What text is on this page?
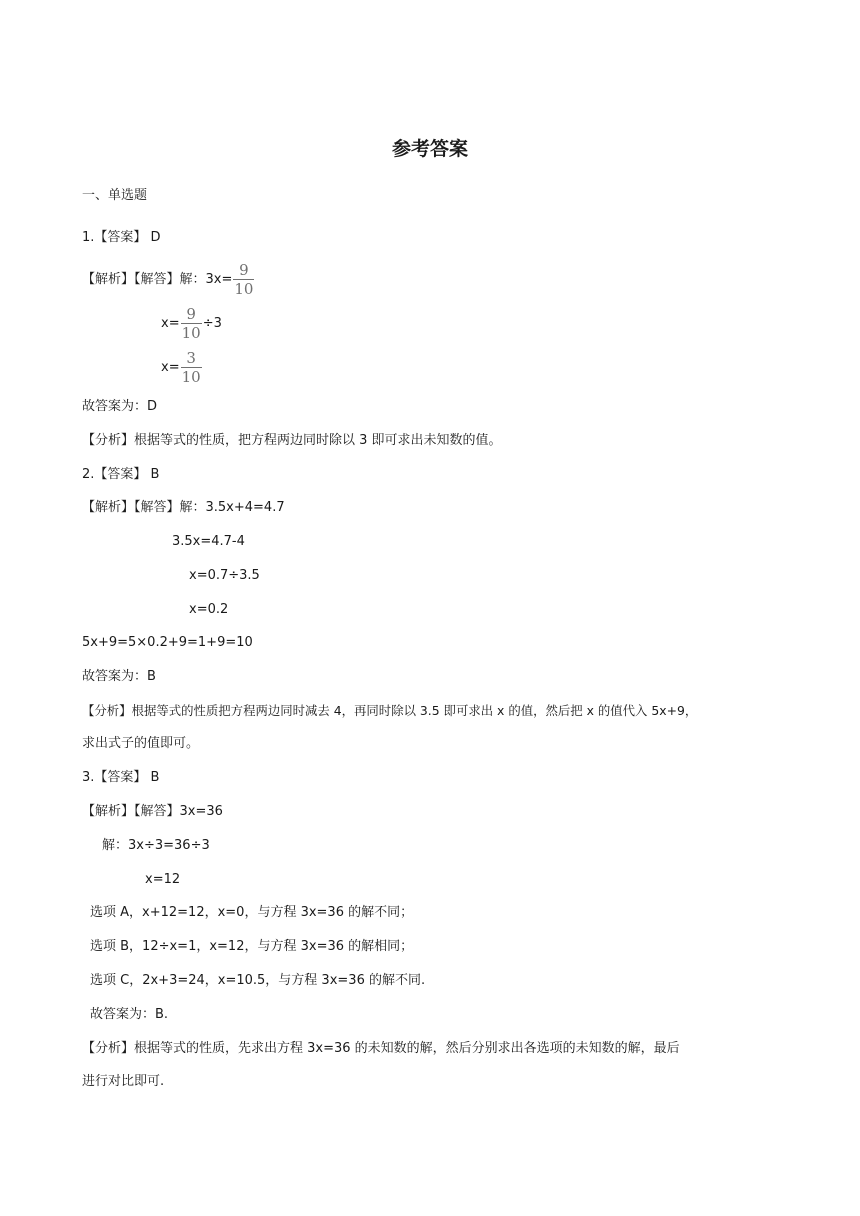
参考答案
一、单选题
1.【答案】 D
【解析】【解答】解：$3x= \frac{9}{10}$
$x= \frac{9}{10} \div 3$
$x= \frac{3}{10}$
故答案为：D
【分析】根据等式的性质，把方程两边同时除以 3 即可求出未知数的值。
2.【答案】 B
【解析】【解答】解：3.5x+4=4.7
3.5x=4.7-4
x=0.7÷3.5
x=0.2
5x+9=5×0.2+9=1+9=10
故答案为：B
【分析】根据等式的性质把方程两边同时减去 4，再同时除以 3.5 即可求出 x 的值，然后把 x 的值代入 5x+9，
求出式子的值即可。
3.【答案】 B
【解析】【解答】3x=36
解：3x÷3=36÷3
x=12
选项 A，x+12=12，x=0，与方程 3x=36 的解不同；
选项 B，12÷x=1，x=12，与方程 3x=36 的解相同；
选项 C，2x+3=24，x=10.5，与方程 3x=36 的解不同.
故答案为：B.
【分析】根据等式的性质，先求出方程 3x=36 的未知数的解，然后分别求出各选项的未知数的解，最后
进行对比即可.
